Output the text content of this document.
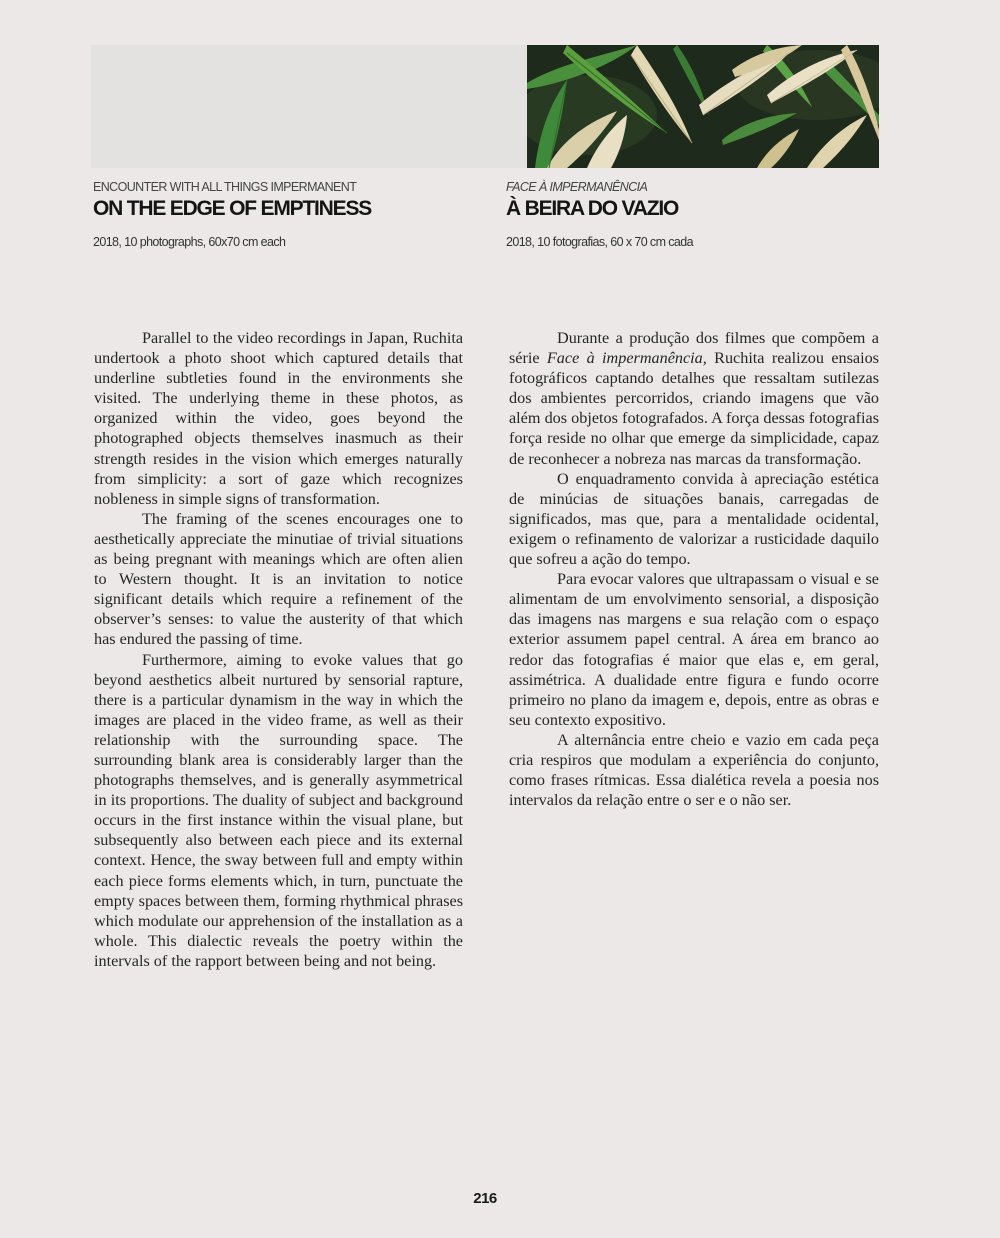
ENCOUNTER WITH ALL THINGS IMPERMANENT
ON THE EDGE OF EMPTINESS
2018, 10 photographs, 60x70 cm each
FACE À IMPERMANÊNCIA
À BEIRA DO VAZIO
2018, 10 fotografias, 60 x 70 cm cada

Parallel to the video recordings in Japan, Ruchita undertook a photo shoot which captured details that underline subtleties found in the environments she visited. The underlying theme in these photos, as organized within the video, goes beyond the photographed objects themselves inasmuch as their strength resides in the vision which emerges naturally from simplicity: a sort of gaze which recognizes nobleness in simple signs of transformation.

The framing of the scenes encourages one to aesthetically appreciate the minutiae of trivial situations as being pregnant with meanings which are often alien to Western thought. It is an invitation to notice significant details which require a refinement of the observer’s senses: to value the austerity of that which has endured the passing of time.

Furthermore, aiming to evoke values that go beyond aesthetics albeit nurtured by sensorial rapture, there is a particular dynamism in the way in which the images are placed in the video frame, as well as their relationship with the surrounding space. The surrounding blank area is considerably larger than the photographs themselves, and is generally asymmetrical in its proportions. The duality of subject and background occurs in the first instance within the visual plane, but subsequently also between each piece and its external context. Hence, the sway between full and empty within each piece forms elements which, in turn, punctuate the empty spaces between them, forming rhythmical phrases which modulate our apprehension of the installation as a whole. This dialectic reveals the poetry within the intervals of the rapport between being and not being.

Durante a produção dos filmes que compõem a série Face à impermanência, Ruchita realizou ensaios fotográficos captando detalhes que ressaltam sutilezas dos ambientes percorridos, criando imagens que vão além dos objetos fotografados. A força dessas fotografias força reside no olhar que emerge da simplicidade, capaz de reconhecer a nobreza nas marcas da transformação.

O enquadramento convida à apreciação estética de minúcias de situações banais, carregadas de significados, mas que, para a mentalidade ocidental, exigem o refinamento de valorizar a rusticidade daquilo que sofreu a ação do tempo.

Para evocar valores que ultrapassam o visual e se alimentam de um envolvimento sensorial, a disposição das imagens nas margens e sua relação com o espaço exterior assumem papel central. A área em branco ao redor das fotografias é maior que elas e, em geral, assimétrica. A dualidade entre figura e fundo ocorre primeiro no plano da imagem e, depois, entre as obras e seu contexto expositivo.

A alternância entre cheio e vazio em cada peça cria respiros que modulam a experiência do conjunto, como frases rítmicas. Essa dialética revela a poesia nos intervalos da relação entre o ser e o não ser.

216
